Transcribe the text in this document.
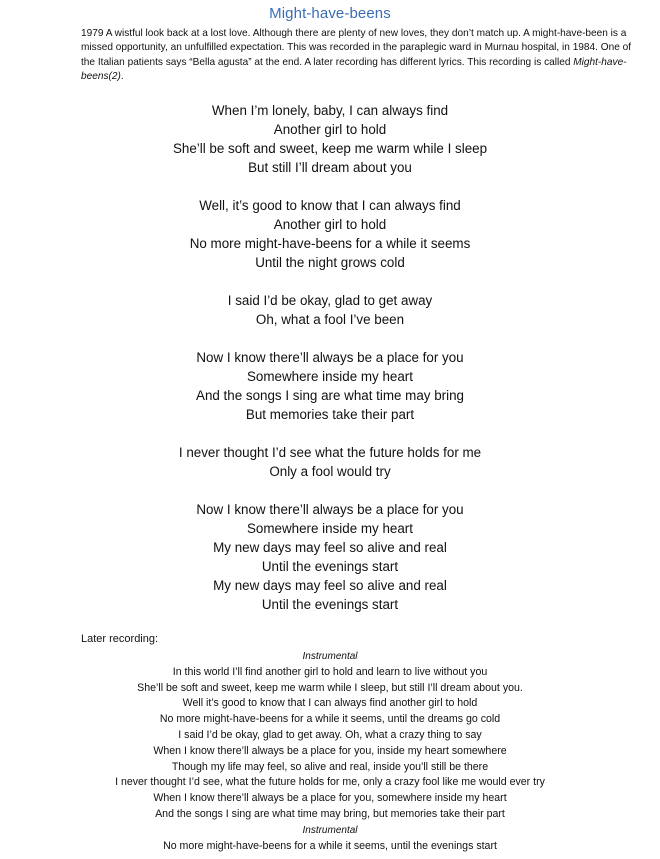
Might-have-beens
1979 A wistful look back at a lost love. Although there are plenty of new loves, they don’t match up. A might-have-been is a missed opportunity, an unfulfilled expectation. This was recorded in the paraplegic ward in Murnau hospital, in 1984. One of the Italian patients says “Bella agusta” at the end. A later recording has different lyrics. This recording is called Might-have-beens(2).
When I’m lonely, baby, I can always find
Another girl to hold
She’ll be soft and sweet, keep me warm while I sleep
But still I’ll dream about you
Well, it’s good to know that I can always find
Another girl to hold
No more might-have-beens for a while it seems
Until the night grows cold
I said I’d be okay, glad to get away
Oh, what a fool I’ve been
Now I know there’ll always be a place for you
Somewhere inside my heart
And the songs I sing are what time may bring
But memories take their part
I never thought I’d see what the future holds for me
Only a fool would try
Now I know there’ll always be a place for you
Somewhere inside my heart
My new days may feel so alive and real
Until the evenings start
My new days may feel so alive and real
Until the evenings start
Later recording:
Instrumental
In this world I’ll find another girl to hold and learn to live without you
She’ll be soft and sweet, keep me warm while I sleep, but still I’ll dream about you.
Well it’s good to know that I can always find another girl to hold
No more might-have-beens for a while it seems, until the dreams go cold
I said I’d be okay, glad to get away. Oh, what a crazy thing to say
When I know there’ll always be a place for you, inside my heart somewhere
Though my life may feel, so alive and real, inside you’ll still be there
I never thought I’d see, what the future holds for me, only a crazy fool like me would ever try
When I know there’ll always be a place for you, somewhere inside my heart
And the songs I sing are what time may bring, but memories take their part
Instrumental
No more might-have-beens for a while it seems, until the evenings start
